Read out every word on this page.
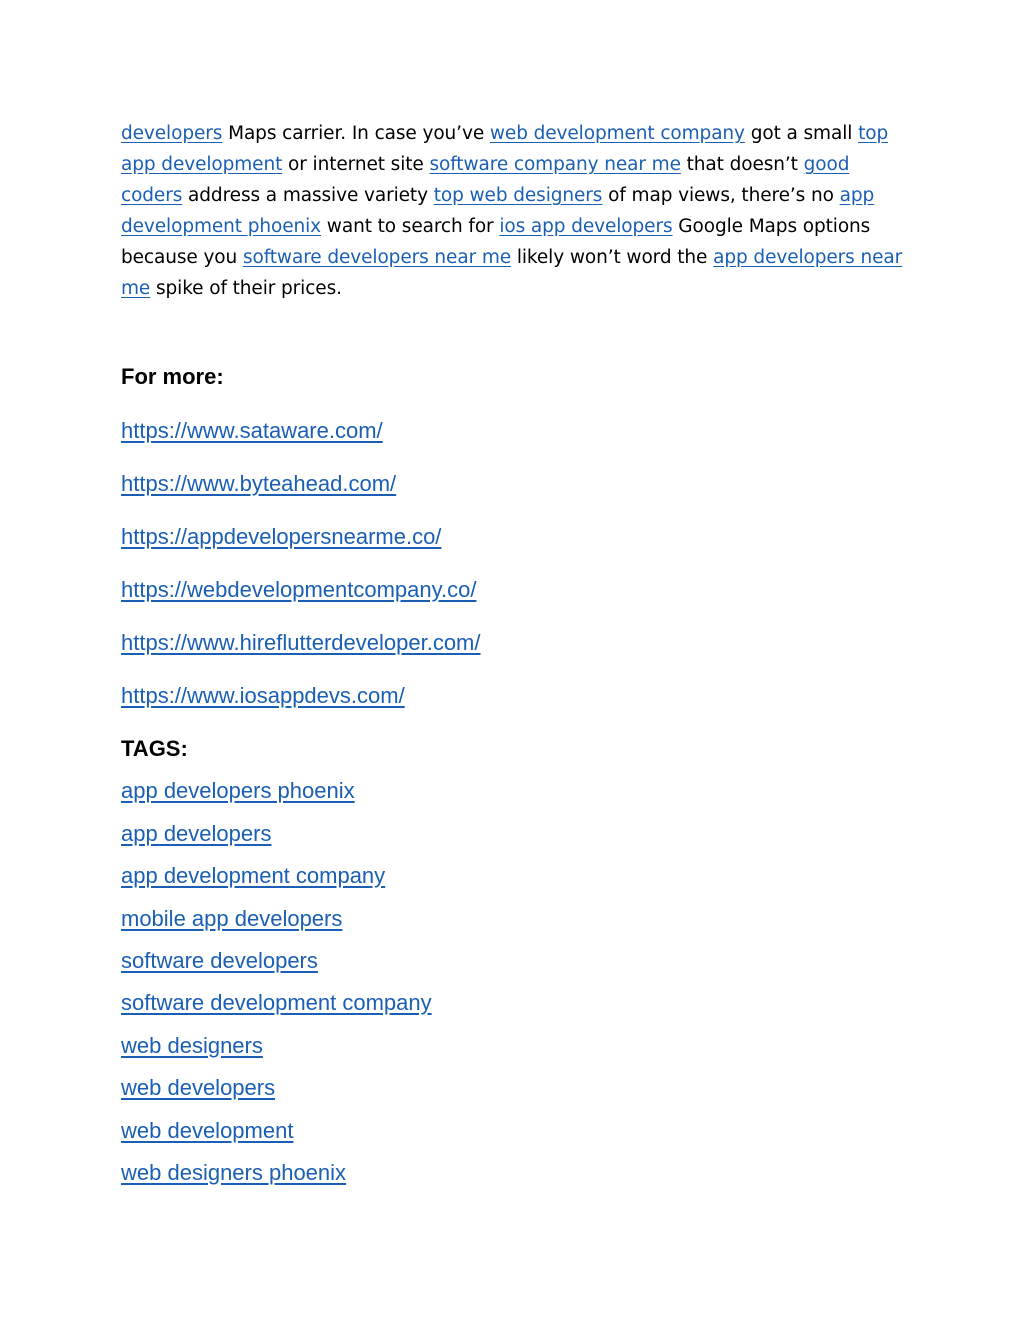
developers Maps carrier. In case you’ve web development company got a small top app development or internet site software company near me that doesn’t good coders address a massive variety top web designers of map views, there’s no app development phoenix want to search for ios app developers Google Maps options because you software developers near me likely won’t word the app developers near me spike of their prices.

For more:
https://www.sataware.com/
https://www.byteahead.com/
https://appdevelopersnearme.co/
https://webdevelopmentcompany.co/
https://www.hireflutterdeveloper.com/
https://www.iosappdevs.com/
TAGS:
app developers phoenix
app developers
app development company
mobile app developers
software developers
software development company
web designers
web developers
web development
web designers phoenix
